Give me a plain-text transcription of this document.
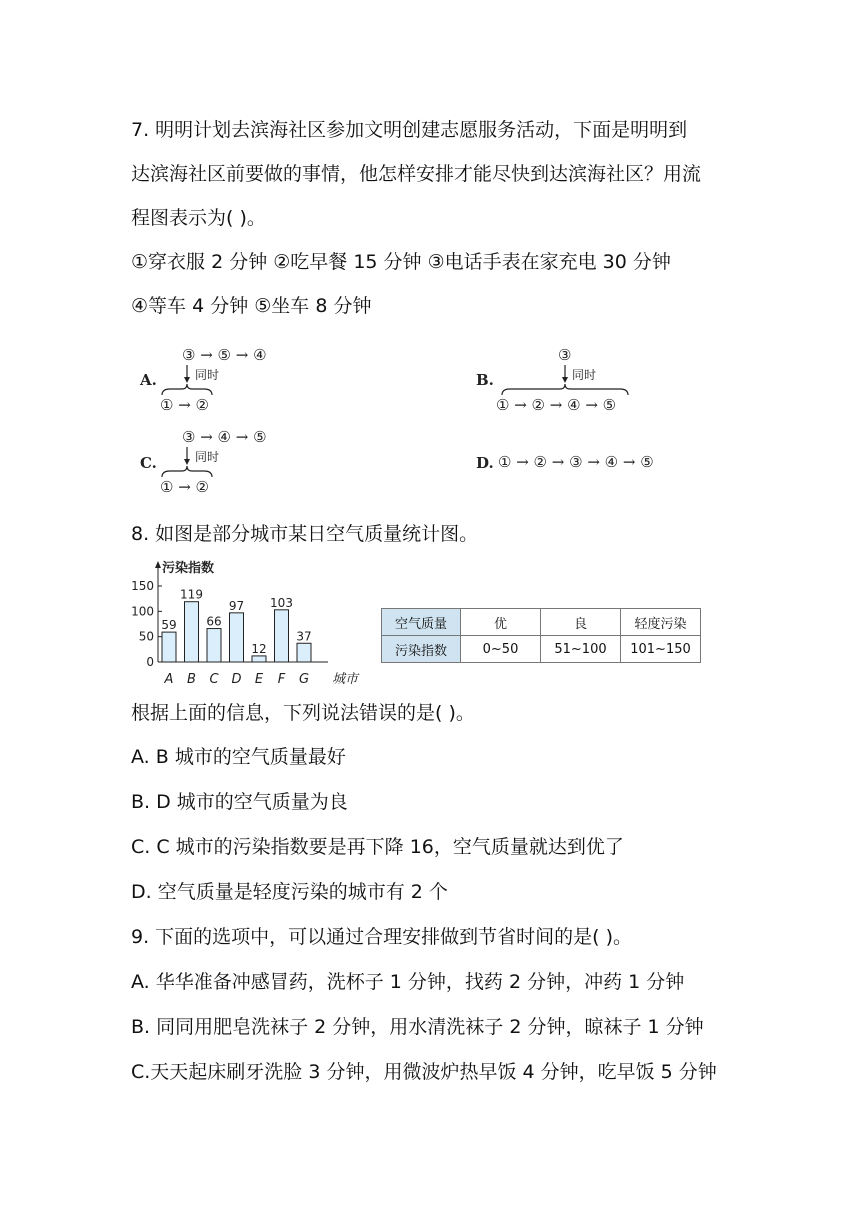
7. 明明计划去滨海社区参加文明创建志愿服务活动，下面是明明到
达滨海社区前要做的事情，他怎样安排才能尽快到达滨海社区？用流
程图表示为( )。
①穿衣服 2 分钟 ②吃早餐 15 分钟 ③电话手表在家充电 30 分钟
④等车 4 分钟 ⑤坐车 8 分钟
A.
③ → ⑤ → ④
同时
① → ②
B.
③
同时
① → ② → ④ → ⑤
C.
③ → ④ → ⑤
同时
① → ②
D. ① → ② → ③ → ④ → ⑤
8. 如图是部分城市某日空气质量统计图。
0
50
100
150
污染指数
城市
59
A
119
B
66
C
97
D
12
E
103
F
37
G
空气质量	优	良	轻度污染
污染指数	0~50	51~100	101~150
根据上面的信息，下列说法错误的是( )。
A. B 城市的空气质量最好
B. D 城市的空气质量为良
C. C 城市的污染指数要是再下降 16，空气质量就达到优了
D. 空气质量是轻度污染的城市有 2 个
9. 下面的选项中，可以通过合理安排做到节省时间的是( )。
A. 华华准备冲感冒药，洗杯子 1 分钟，找药 2 分钟，冲药 1 分钟
B. 同同用肥皂洗袜子 2 分钟，用水清洗袜子 2 分钟，晾袜子 1 分钟
C.天天起床刷牙洗脸 3 分钟，用微波炉热早饭 4 分钟，吃早饭 5 分钟
